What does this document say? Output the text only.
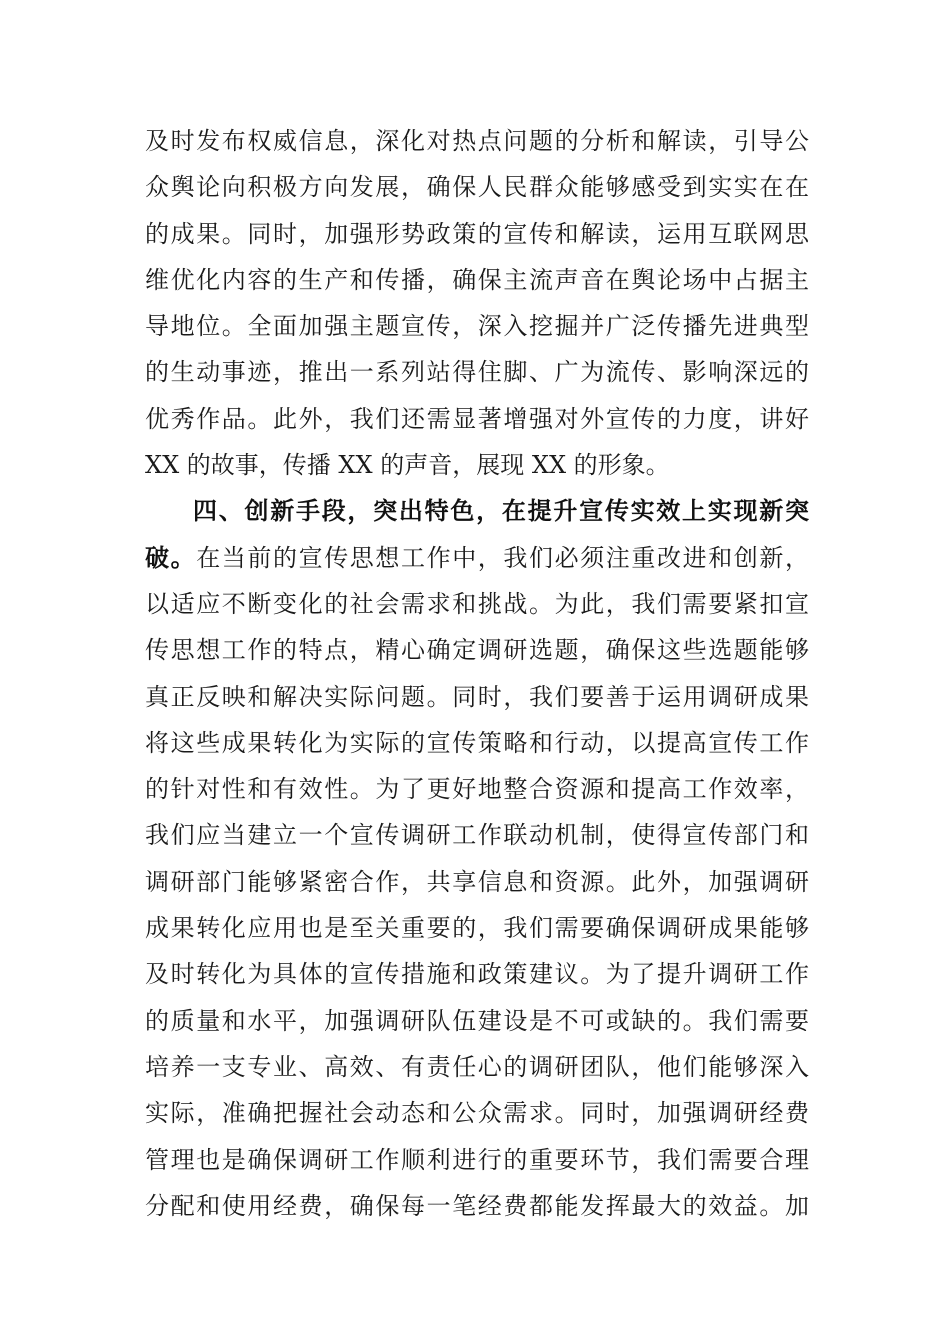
及时发布权威信息，深化对热点问题的分析和解读，引导公
众舆论向积极方向发展，确保人民群众能够感受到实实在在
的成果。同时，加强形势政策的宣传和解读，运用互联网思
维优化内容的生产和传播，确保主流声音在舆论场中占据主
导地位。全面加强主题宣传，深入挖掘并广泛传播先进典型
的生动事迹，推出一系列站得住脚、广为流传、影响深远的
优秀作品。此外，我们还需显著增强对外宣传的力度，讲好
XX 的故事，传播 XX 的声音，展现 XX 的形象。
四、创新手段，突出特色，在提升宣传实效上实现新突
破。在当前的宣传思想工作中，我们必须注重改进和创新，
以适应不断变化的社会需求和挑战。为此，我们需要紧扣宣
传思想工作的特点，精心确定调研选题，确保这些选题能够
真正反映和解决实际问题。同时，我们要善于运用调研成果
将这些成果转化为实际的宣传策略和行动，以提高宣传工作
的针对性和有效性。为了更好地整合资源和提高工作效率，
我们应当建立一个宣传调研工作联动机制，使得宣传部门和
调研部门能够紧密合作，共享信息和资源。此外，加强调研
成果转化应用也是至关重要的，我们需要确保调研成果能够
及时转化为具体的宣传措施和政策建议。为了提升调研工作
的质量和水平，加强调研队伍建设是不可或缺的。我们需要
培养一支专业、高效、有责任心的调研团队，他们能够深入
实际，准确把握社会动态和公众需求。同时，加强调研经费
管理也是确保调研工作顺利进行的重要环节，我们需要合理
分配和使用经费，确保每一笔经费都能发挥最大的效益。加
